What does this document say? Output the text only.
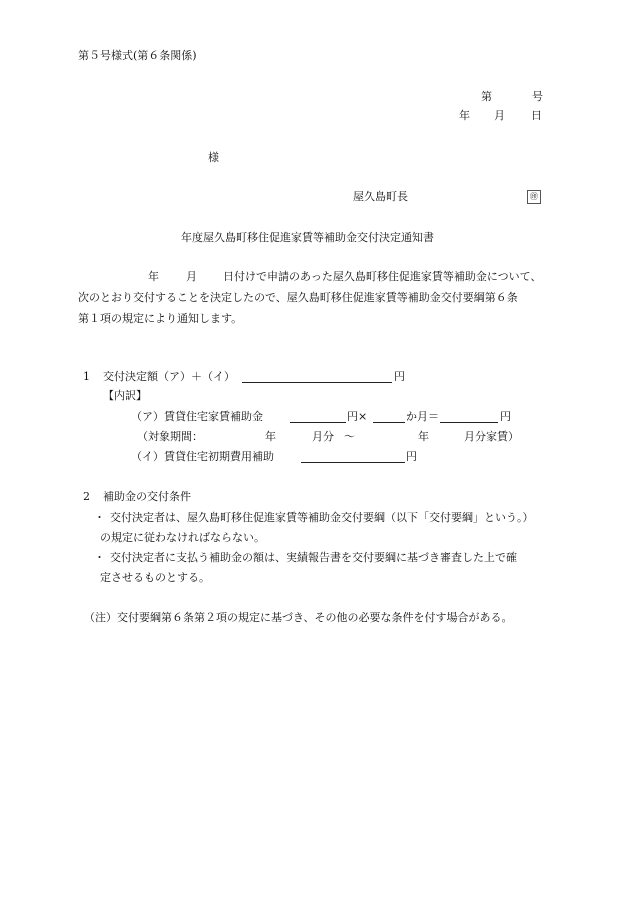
第５号様式(第６条関係)
第	号
年 月 日
様
屋久島町長	㊞
年度屋久島町移住促進家賃等補助金交付決定通知書
年 月 日付けで申請のあった屋久島町移住促進家賃等補助金について、
次のとおり交付することを決定したので、屋久島町移住促進家賃等補助金交付要綱第６条
第１項の規定により通知します。
1 交付決定額（ア）＋（イ）	円
【内訳】
（ア）賃貸住宅家賃補助金	円×	か月＝	円
（対象期間：	年	月分 ～	年	月分家賃）
（イ）賃貸住宅初期費用補助	円
2 補助金の交付条件
・ 交付決定者は、屋久島町移住促進家賃等補助金交付要綱（以下「交付要綱」という。）
の規定に従わなければならない。
・ 交付決定者に支払う補助金の額は、実績報告書を交付要綱に基づき審査した上で確
定させるものとする。
（注）交付要綱第６条第２項の規定に基づき、その他の必要な条件を付す場合がある。
